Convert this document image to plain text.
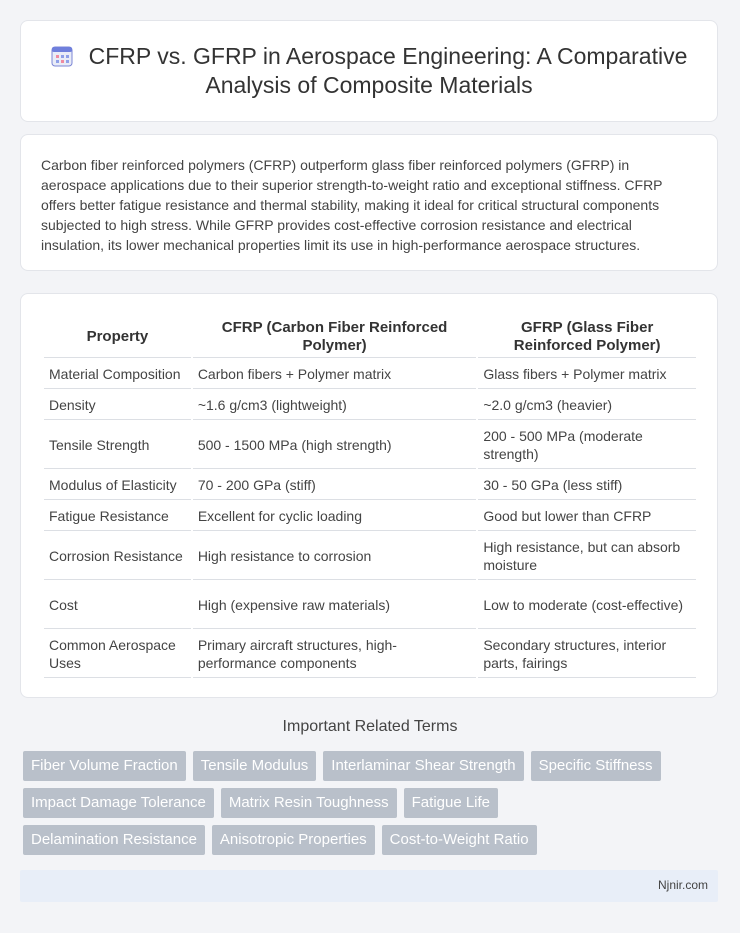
CFRP vs. GFRP in Aerospace Engineering: A Comparative Analysis of Composite Materials
Carbon fiber reinforced polymers (CFRP) outperform glass fiber reinforced polymers (GFRP) in aerospace applications due to their superior strength-to-weight ratio and exceptional stiffness. CFRP offers better fatigue resistance and thermal stability, making it ideal for critical structural components subjected to high stress. While GFRP provides cost-effective corrosion resistance and electrical insulation, its lower mechanical properties limit its use in high-performance aerospace structures.
Property	CFRP (Carbon Fiber Reinforced Polymer)	GFRP (Glass Fiber Reinforced Polymer)
Material Composition	Carbon fibers + Polymer matrix	Glass fibers + Polymer matrix
Density	~1.6 g/cm3 (lightweight)	~2.0 g/cm3 (heavier)
Tensile Strength	500 - 1500 MPa (high strength)	200 - 500 MPa (moderate strength)
Modulus of Elasticity	70 - 200 GPa (stiff)	30 - 50 GPa (less stiff)
Fatigue Resistance	Excellent for cyclic loading	Good but lower than CFRP
Corrosion Resistance	High resistance to corrosion	High resistance, but can absorb moisture
Cost	High (expensive raw materials)	Low to moderate (cost-effective)
Common Aerospace Uses	Primary aircraft structures, high-performance components	Secondary structures, interior parts, fairings
Important Related Terms
Fiber Volume Fraction	Tensile Modulus	Interlaminar Shear Strength	Specific Stiffness
Impact Damage Tolerance	Matrix Resin Toughness	Fatigue Life
Delamination Resistance	Anisotropic Properties	Cost-to-Weight Ratio
Njnir.com
